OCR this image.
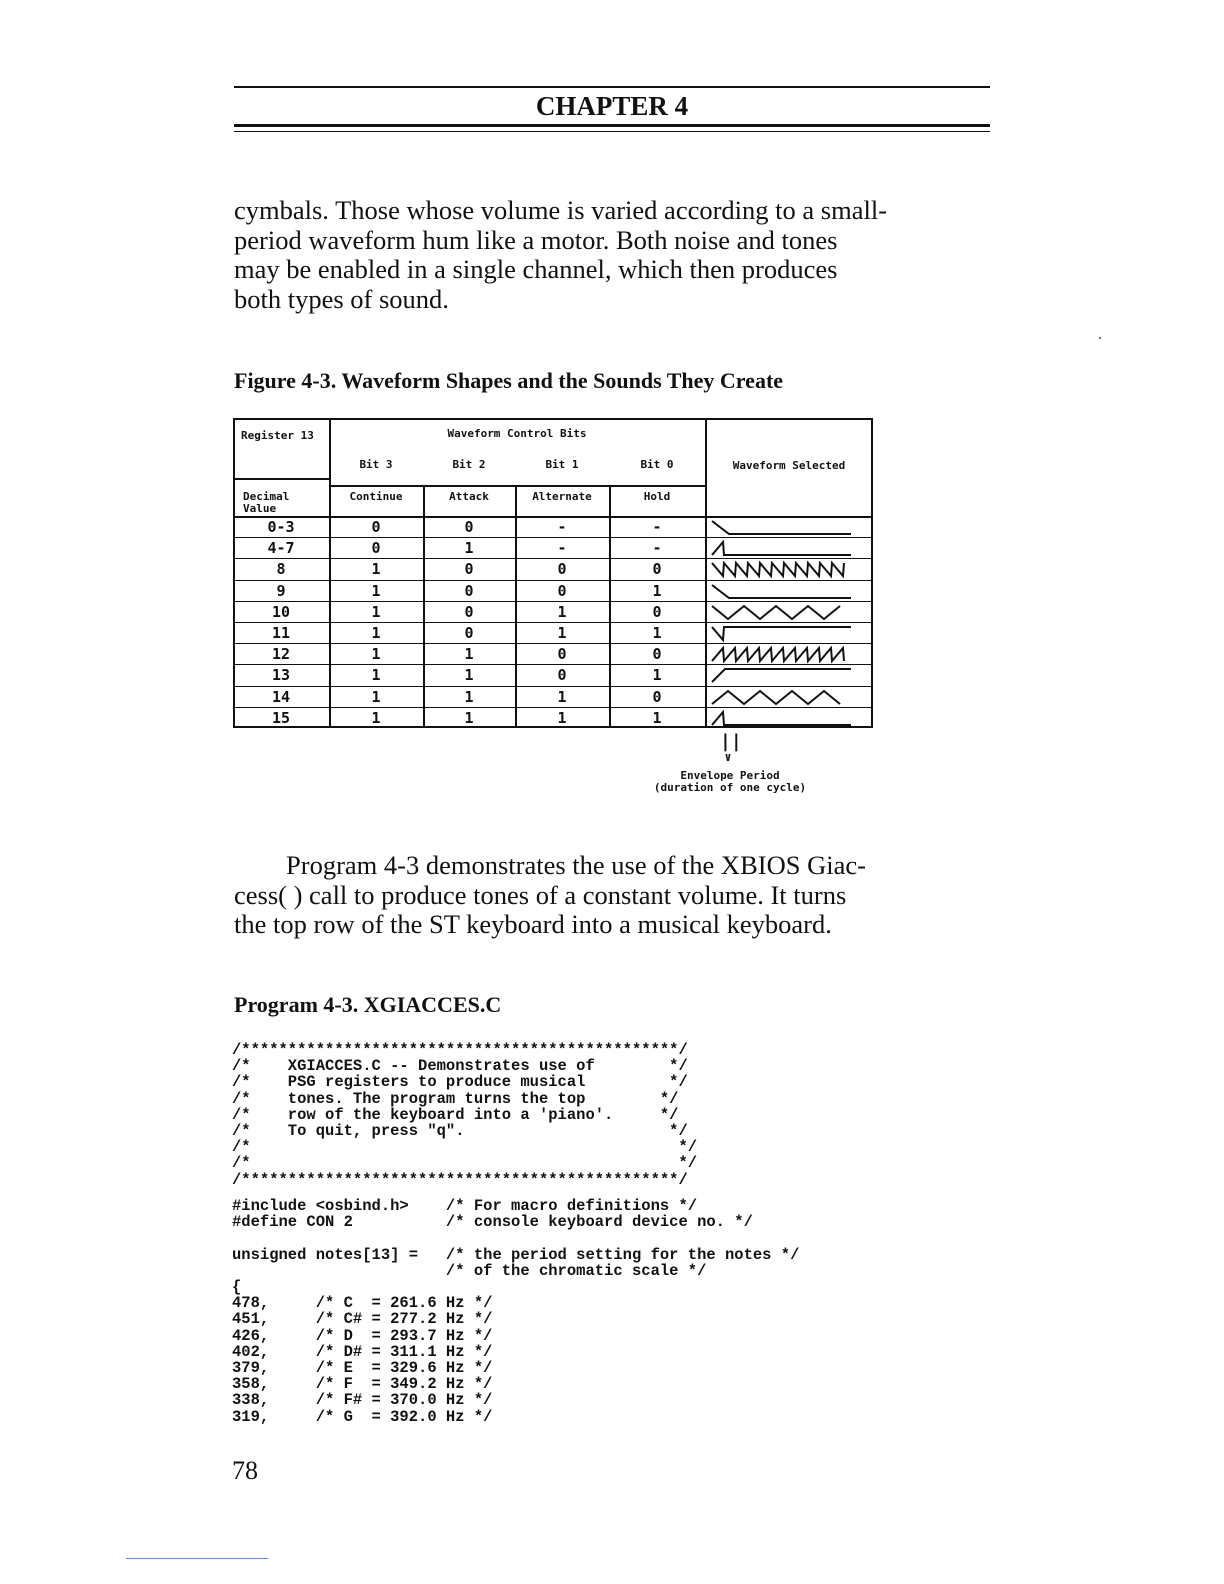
CHAPTER 4
cymbals. Those whose volume is varied according to a small-
period waveform hum like a motor. Both noise and tones
may be enabled in a single channel, which then produces
both types of sound.
Figure 4-3. Waveform Shapes and the Sounds They Create
Register 13	Waveform Control Bits
Bit 3	Bit 2	Bit 1	Bit 0
Decimal Value
Continue	Attack	Alternate	Hold
Waveform Selected
0-3	0	0	-	-
4-7	0	1	-	-
8	1	0	0	0
9	1	0	0	1
10	1	0	1	0
11	1	0	1	1
12	1	1	0	0
13	1	1	0	1
14	1	1	1	0
15	1	1	1	1
||
∨
Envelope Period
(duration of one cycle)
Program 4-3 demonstrates the use of the XBIOS Giac-
cess( ) call to produce tones of a constant volume. It turns
the top row of the ST keyboard into a musical keyboard.
Program 4-3. XGIACCES.C
/***********************************************/
/*    XGIACCES.C -- Demonstrates use of        */
/*    PSG registers to produce musical         */
/*    tones. The program turns the top        */
/*    row of the keyboard into a 'piano'.     */
/*    To quit, press "q".                      */
/*                                              */
/*                                              */
/***********************************************/
#include <osbind.h>    /* For macro definitions */
#define CON 2          /* console keyboard device no. */

unsigned notes[13] =   /* the period setting for the notes */
/* of the chromatic scale */
{
478,     /* C  = 261.6 Hz */
451,     /* C# = 277.2 Hz */
426,     /* D  = 293.7 Hz */
402,     /* D# = 311.1 Hz */
379,     /* E  = 329.6 Hz */
358,     /* F  = 349.2 Hz */
338,     /* F# = 370.0 Hz */
319,     /* G  = 392.0 Hz */
78
